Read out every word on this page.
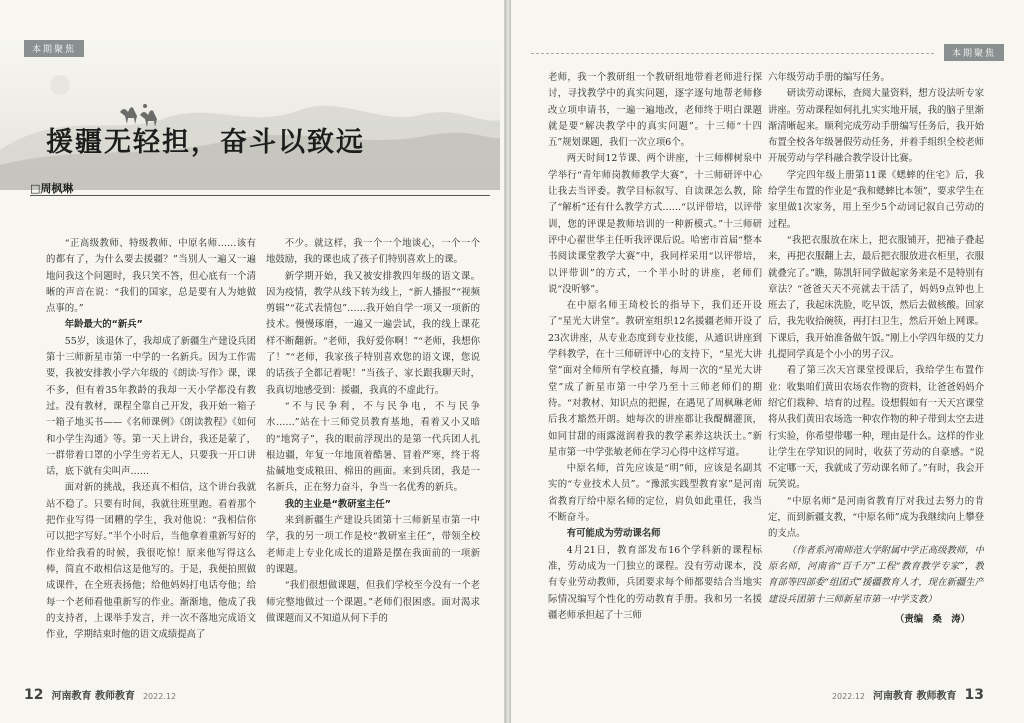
本期聚焦
援疆无轻担，奋斗以致远
□周枫琳

“正高级教师、特级教师、中原名师……该有的都有了，为什么要去援疆？”当别人一遍又一遍地问我这个问题时，我只笑不答，但心底有一个清晰的声音在说：“我们的国家，总是要有人为她做点事的。”

年龄最大的“新兵”

55岁，该退休了，我却成了新疆生产建设兵团第十三师新星市第一中学的一名新兵。因为工作需要，我被安排教小学六年级的《朗读·写作》课，课不多，但有着35年教龄的我却一天小学都没有教过。没有教材，课程全靠自己开发，我开始一箱子一箱子地买书——《名师课例》《朗读教程》《如何和小学生沟通》等。第一天上讲台，我还是蒙了，一群带着口罩的小学生旁若无人，只要我一开口讲话，底下就有尖叫声……

面对新的挑战，我还真不相信，这个讲台我就站不稳了。只要有时间，我就往班里跑。看着那个把作业写得一团糟的学生，我对他说：“我相信你可以把字写好。”半个小时后，当他拿着重新写好的作业给我看的时候，我很吃惊！原来他写得这么棒，简直不敢相信这是他写的。于是，我便拍照做成课件，在全班表扬他；给他妈妈打电话夸他；给每一个老师看他重新写的作业。渐渐地，他成了我的支持者，上课举手发言，并一次不落地完成语文作业，学期结束时他的语文成绩提高了

不少。就这样，我一个一个地谈心，一个一个地鼓励，我的课也成了孩子们特别喜欢上的课。

新学期开始，我又被安排教四年级的语文课。因为疫情，教学从线下转为线上，“新人播报”“视频剪辑”“花式表情包”……我开始自学一项又一项新的技术。慢慢琢磨，一遍又一遍尝试，我的线上课花样不断翻新。“老师，我好爱你啊！”“老师，我想你了！”“老师，我家孩子特别喜欢您的语文课，您说的话孩子全都记着呢！”当孩子、家长跟我聊天时，我真切地感受到：援疆，我真的不虚此行。

“不与民争利，不与民争电，不与民争水……”站在十三师党员教育基地，看着又小又暗的“地窝子”，我的眼前浮现出的是第一代兵团人扎根边疆，年复一年地顶着酷暑、冒着严寒，终于将盐碱地变成粮田、棉田的画面。来到兵团，我是一名新兵，正在努力奋斗，争当一名优秀的新兵。

我的主业是“教研室主任”

来到新疆生产建设兵团第十三师新星市第一中学，我的另一项工作是校“教研室主任”，带领全校老师走上专业化成长的道路是摆在我面前的一项新的课题。

“我们很想做课题，但我们学校至今没有一个老师完整地做过一个课题。”老师们很困惑。面对渴求做课题而又不知道从何下手的

12 河南教育 教师教育 2022.12
本期聚焦

老师，我一个教研组一个教研组地带着老师进行探讨，寻找教学中的真实问题，逐字逐句地帮老师修改立项申请书，一遍一遍地改，老师终于明白课题就是要“解决教学中的真实问题”。十三师“十四五”规划课题，我们一次立项6个。

两天时间12节课、两个讲座，十三师柳树泉中学举行“青年师岗教师教学大赛”，十三师研评中心让我去当评委。教学目标叙写、自读课怎么教，除了“解析”还有什么教学方式……“以评带培，以评带训，您的评课是教师培训的一种新模式。”十三师研评中心翟世华主任听我评课后说。哈密市首届“整本书阅读课堂教学大赛”中，我同样采用“以评带培，以评带训”的方式，一个半小时的讲座，老师们说“没听够”。

在中原名师王琦校长的指导下，我们还开设了“星光大讲堂”。教研室组织12名援疆老师开设了23次讲座，从专业态度到专业技能，从通识讲座到学科教学，在十三师研评中心的支持下，“星光大讲堂”面对全师所有学校直播，每周一次的“星光大讲堂”成了新星市第一中学乃至十三师老师们的期待。“对教材、知识点的把握，在遇见了周枫琳老师后我才豁然开朗。她每次的讲座都让我醍醐灌顶，如同甘甜的雨露滋润着我的教学素养这块沃土。”新星市第一中学张敏老师在学习心得中这样写道。

中原名师，首先应该是“明”师，应该是名副其实的“专业技术人员”。“豫派实践型教育家”是河南省教育厅给中原名师的定位，肩负如此重任，我当不断奋斗。

有可能成为劳动课名师

4月21日，教育部发布16个学科新的课程标准，劳动成为一门独立的课程。没有劳动课本，没有专业劳动教师，兵团要求每个师都要结合当地实际情况编写个性化的劳动教育手册。我和另一名援疆老师承担起了十三师

六年级劳动手册的编写任务。

研读劳动课标，查阅大量资料，想方设法听专家讲座。劳动课程如何扎扎实实地开展，我的脑子里渐渐清晰起来。顺利完成劳动手册编写任务后，我开始布置全校各年级暑假劳动任务，并着手组织全校老师开展劳动与学科融合教学设计比赛。

学完四年级上册第11课《蟋蟀的住宅》后，我给学生布置的作业是“我和蟋蟀比本领”，要求学生在家里做1次家务，用上至少5个动词记叙自己劳动的过程。

“我把衣服放在床上，把衣服铺开，把袖子叠起来，再把衣服翻上去，最后把衣服放进衣柜里，衣服就叠完了。”瞧，陈凯轩同学做起家务来是不是特别有章法？“爸爸天天不亮就去干活了，妈妈9点钟也上班去了，我起床洗脸，吃早饭，然后去做核酸。回家后，我先收拾碗筷，再打扫卫生，然后开始上网课。下课后，我开始准备做午饭。”刚上小学四年级的艾力扎提同学真是个小小的男子汉。

看了第三次天宫课堂授课后，我给学生布置作业：收集咱们黄田农场农作物的资料，让爸爸妈妈介绍它们栽种、培育的过程。设想假如有一天天宫课堂将从我们黄田农场选一种农作物的种子带到太空去进行实验，你希望带哪一种，理由是什么。这样的作业让学生在学知识的同时，收获了劳动的自豪感。“说不定哪一天，我就成了劳动课名师了。”有时，我会开玩笑说。

“中原名师”是河南省教育厅对我过去努力的肯定，而到新疆支教，“中原名师”成为我继续向上攀登的支点。

（作者系河南师范大学附属中学正高级教师，中原名师，河南省“百千万”工程“教育教学专家”，教育部等四部委“组团式”援疆教育人才，现在新疆生产建设兵团第十三师新星市第一中学支教）

（责编　桑　涛）

2022.12 河南教育 教师教育 13
